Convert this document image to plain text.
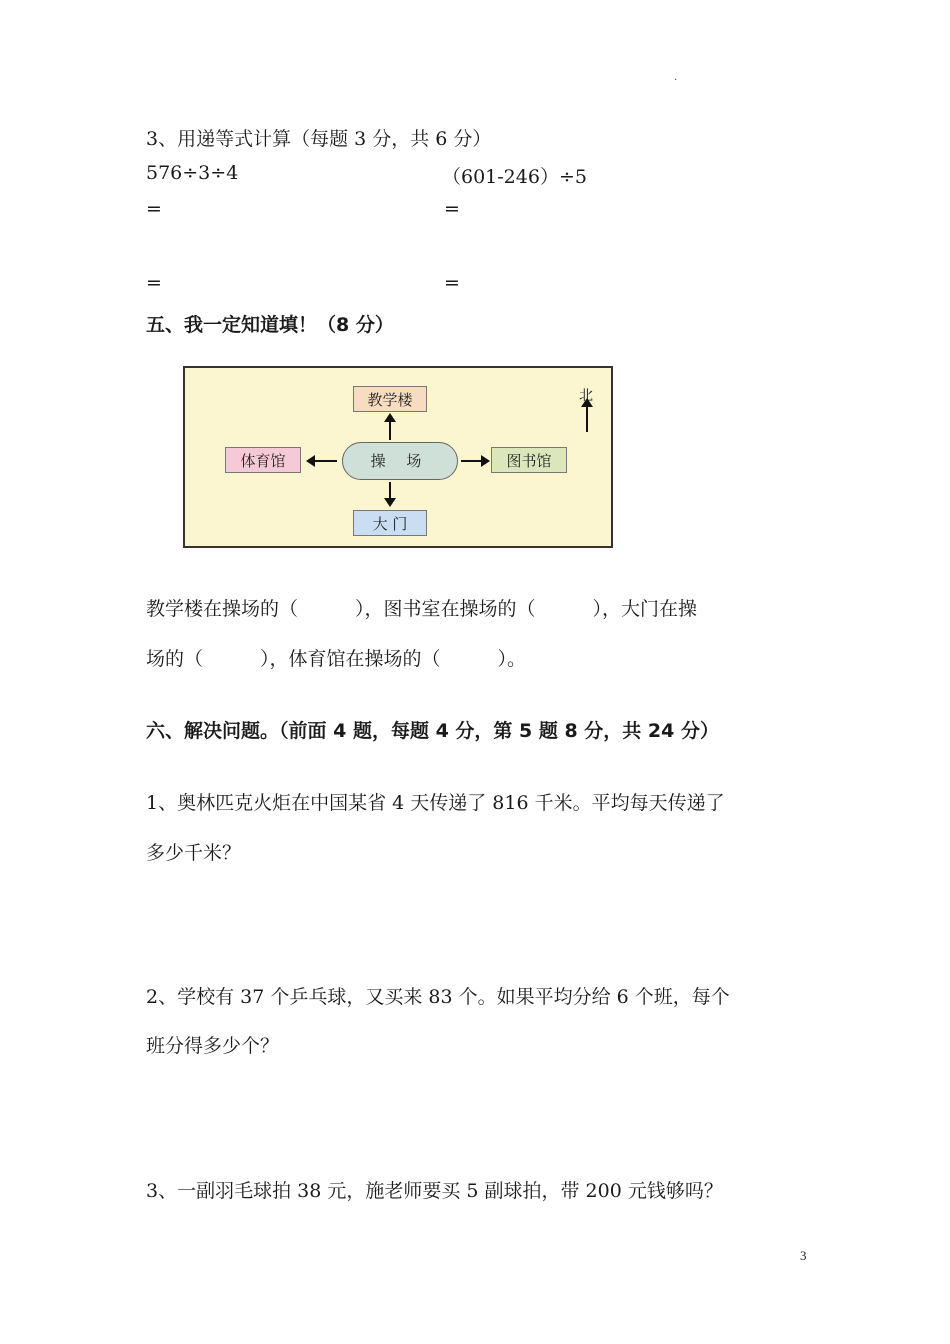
.
3、用递等式计算（每题 3 分，共 6 分）
576÷3÷4	（601-246）÷5
=	=
=	=
五、我一定知道填！（8 分）
北
教学楼
操 场
体育馆	图书馆
大 门
教学楼在操场的（　　　），图书室在操场的（　　　），大门在操
场的（　　　），体育馆在操场的（　　　）。
六、解决问题。（前面 4 题，每题 4 分，第 5 题 8 分，共 24 分）
1、奥林匹克火炬在中国某省 4 天传递了 816 千米。平均每天传递了
多少千米？
2、学校有 37 个乒乓球，又买来 83 个。如果平均分给 6 个班，每个
班分得多少个？
3、一副羽毛球拍 38 元，施老师要买 5 副球拍，带 200 元钱够吗？
3
